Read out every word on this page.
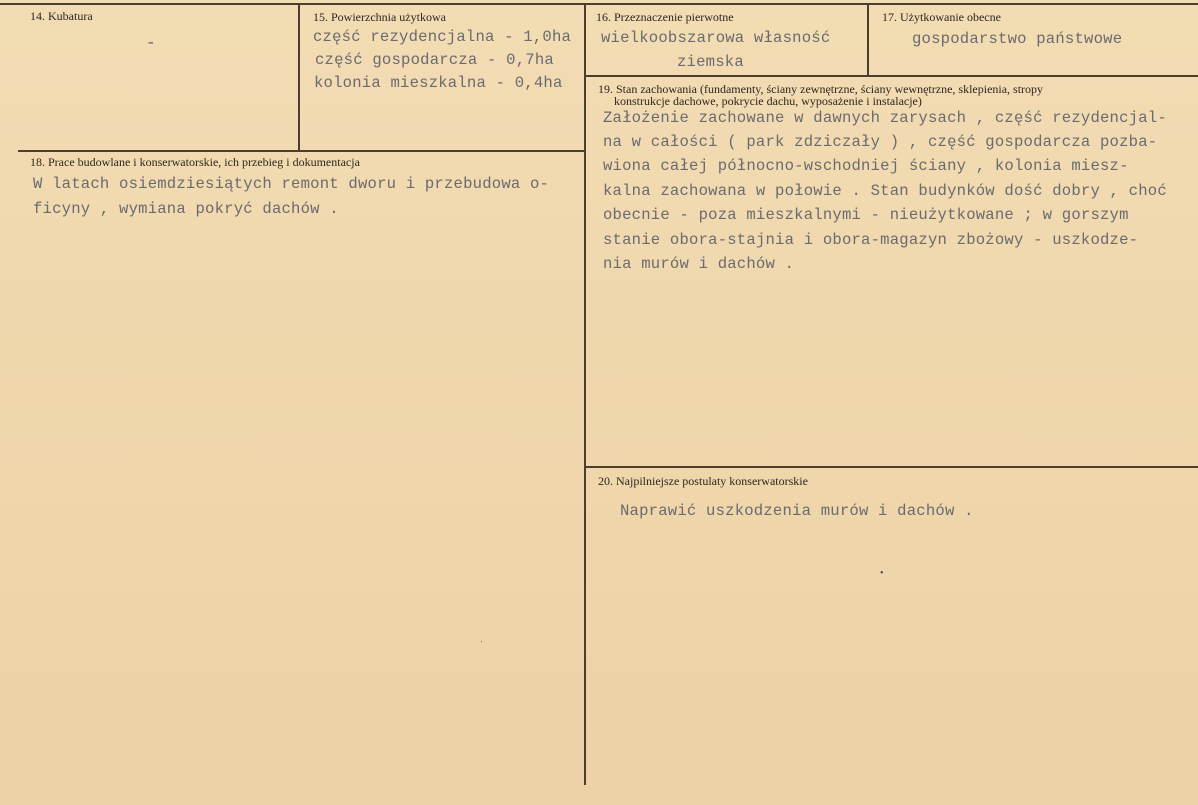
14. Kubatura
-
15. Powierzchnia użytkowa
część rezydencjalna - 1,0ha
część gospodarcza - 0,7ha
kolonia mieszkalna - 0,4ha
16. Przeznaczenie pierwotne
wielkoobszarowa własność
ziemska
17. Użytkowanie obecne
gospodarstwo państwowe
18. Prace budowlane i konserwatorskie, ich przebieg i dokumentacja
W latach osiemdziesiątych remont dworu i przebudowa o-
ficyny , wymiana pokryć dachów .
19. Stan zachowania (fundamenty, ściany zewnętrzne, ściany wewnętrzne, sklepienia, stropy
konstrukcje dachowe, pokrycie dachu, wyposażenie i instalacje)
Założenie zachowane w dawnych zarysach , część rezydencjal-
na w całości ( park zdziczały ) , część gospodarcza pozba-
wiona całej północno-wschodniej ściany , kolonia miesz-
kalna zachowana w połowie . Stan budynków dość dobry , choć
obecnie - poza mieszkalnymi - nieużytkowane ; w gorszym
stanie obora-stajnia i obora-magazyn zbożowy - uszkodze-
nia murów i dachów .
20. Najpilniejsze postulaty konserwatorskie
Naprawić uszkodzenia murów i dachów .
•
ˈ
